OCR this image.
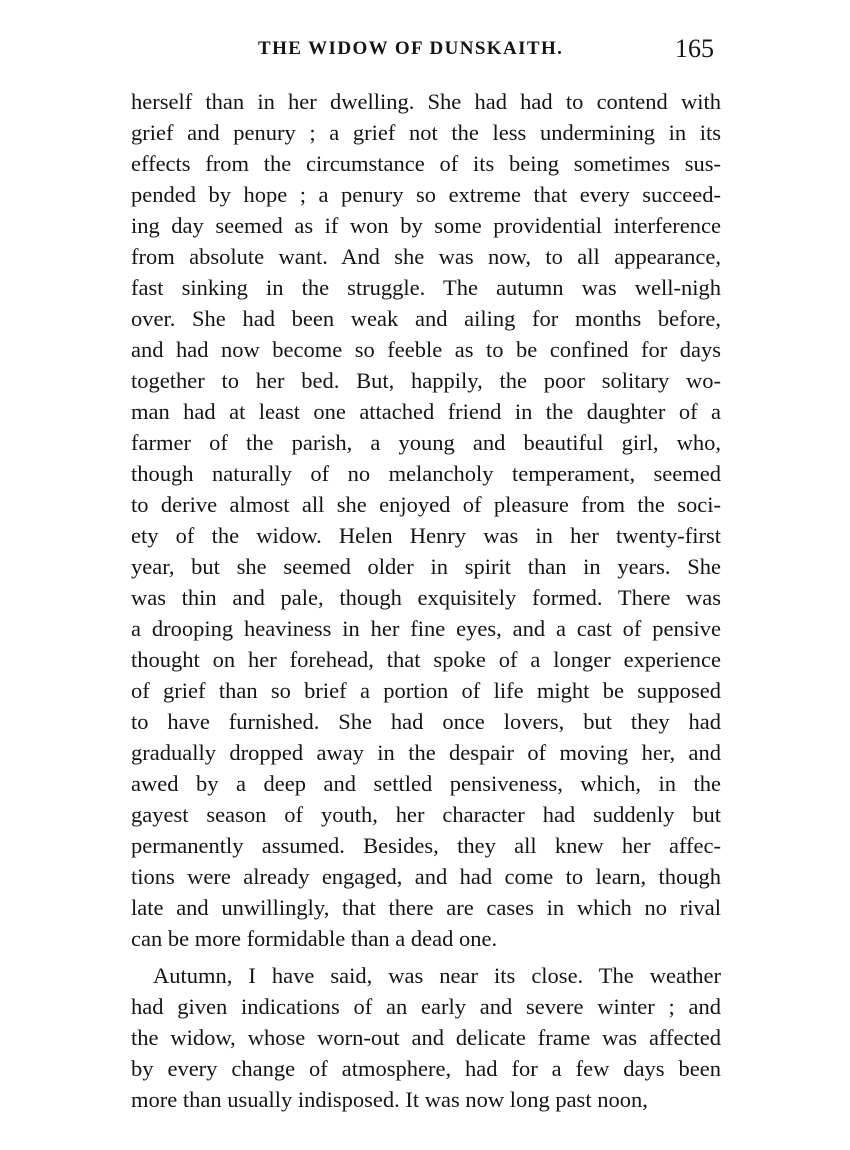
THE WIDOW OF DUNSKAITH.	165
herself than in her dwelling. She had had to contend with
grief and penury ; a grief not the less undermining in its
effects from the circumstance of its being sometimes sus-
pended by hope ; a penury so extreme that every succeed-
ing day seemed as if won by some providential interference
from absolute want. And she was now, to all appearance,
fast sinking in the struggle. The autumn was well-nigh
over. She had been weak and ailing for months before,
and had now become so feeble as to be confined for days
together to her bed. But, happily, the poor solitary wo-
man had at least one attached friend in the daughter of a
farmer of the parish, a young and beautiful girl, who,
though naturally of no melancholy temperament, seemed
to derive almost all she enjoyed of pleasure from the soci-
ety of the widow. Helen Henry was in her twenty-first
year, but she seemed older in spirit than in years. She
was thin and pale, though exquisitely formed. There was
a drooping heaviness in her fine eyes, and a cast of pensive
thought on her forehead, that spoke of a longer experience
of grief than so brief a portion of life might be supposed
to have furnished. She had once lovers, but they had
gradually dropped away in the despair of moving her, and
awed by a deep and settled pensiveness, which, in the
gayest season of youth, her character had suddenly but
permanently assumed. Besides, they all knew her affec-
tions were already engaged, and had come to learn, though
late and unwillingly, that there are cases in which no rival
can be more formidable than a dead one.
Autumn, I have said, was near its close. The weather
had given indications of an early and severe winter ; and
the widow, whose worn-out and delicate frame was affected
by every change of atmosphere, had for a few days been
more than usually indisposed. It was now long past noon,
